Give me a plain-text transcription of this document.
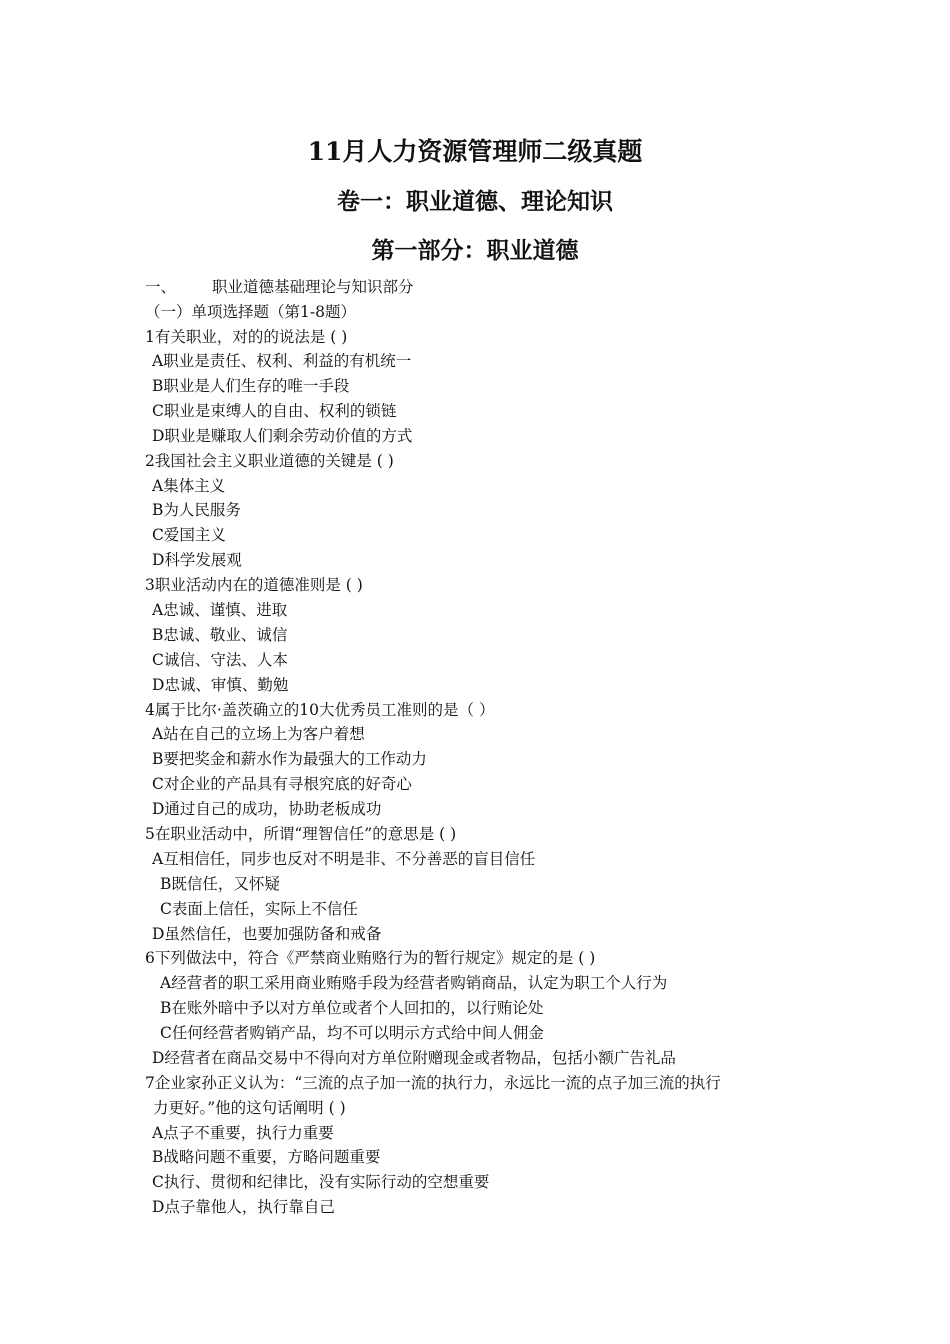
11月人力资源管理师二级真题
卷一：职业道德、理论知识
第一部分：职业道德
一、 职业道德基础理论与知识部分
（一）单项选择题（第1-8题）
1有关职业，对的的说法是 ( )
A职业是责任、权利、利益的有机统一
B职业是人们生存的唯一手段
C职业是束缚人的自由、权利的锁链
D职业是赚取人们剩余劳动价值的方式
2我国社会主义职业道德的关键是 ( )
A集体主义
B为人民服务
C爱国主义
D科学发展观
3职业活动内在的道德准则是 ( )
A忠诚、谨慎、进取
B忠诚、敬业、诚信
C诚信、守法、人本
D忠诚、审慎、勤勉
4属于比尔·盖茨确立的10大优秀员工准则的是（ ）
A站在自己的立场上为客户着想
B要把奖金和薪水作为最强大的工作动力
C对企业的产品具有寻根究底的好奇心
D通过自己的成功，协助老板成功
5在职业活动中，所谓“理智信任”的意思是 ( )
A互相信任，同步也反对不明是非、不分善恶的盲目信任
B既信任，又怀疑
C表面上信任，实际上不信任
D虽然信任，也要加强防备和戒备
6下列做法中，符合《严禁商业贿赂行为的暂行规定》规定的是 ( )
A经营者的职工采用商业贿赂手段为经营者购销商品，认定为职工个人行为
B在账外暗中予以对方单位或者个人回扣的，以行贿论处
C任何经营者购销产品，均不可以明示方式给中间人佣金
D经营者在商品交易中不得向对方单位附赠现金或者物品，包括小额广告礼品
7企业家孙正义认为：“三流的点子加一流的执行力，永远比一流的点子加三流的执行
力更好。”他的这句话阐明 ( )
A点子不重要，执行力重要
B战略问题不重要，方略问题重要
C执行、贯彻和纪律比，没有实际行动的空想重要
D点子靠他人，执行靠自己
